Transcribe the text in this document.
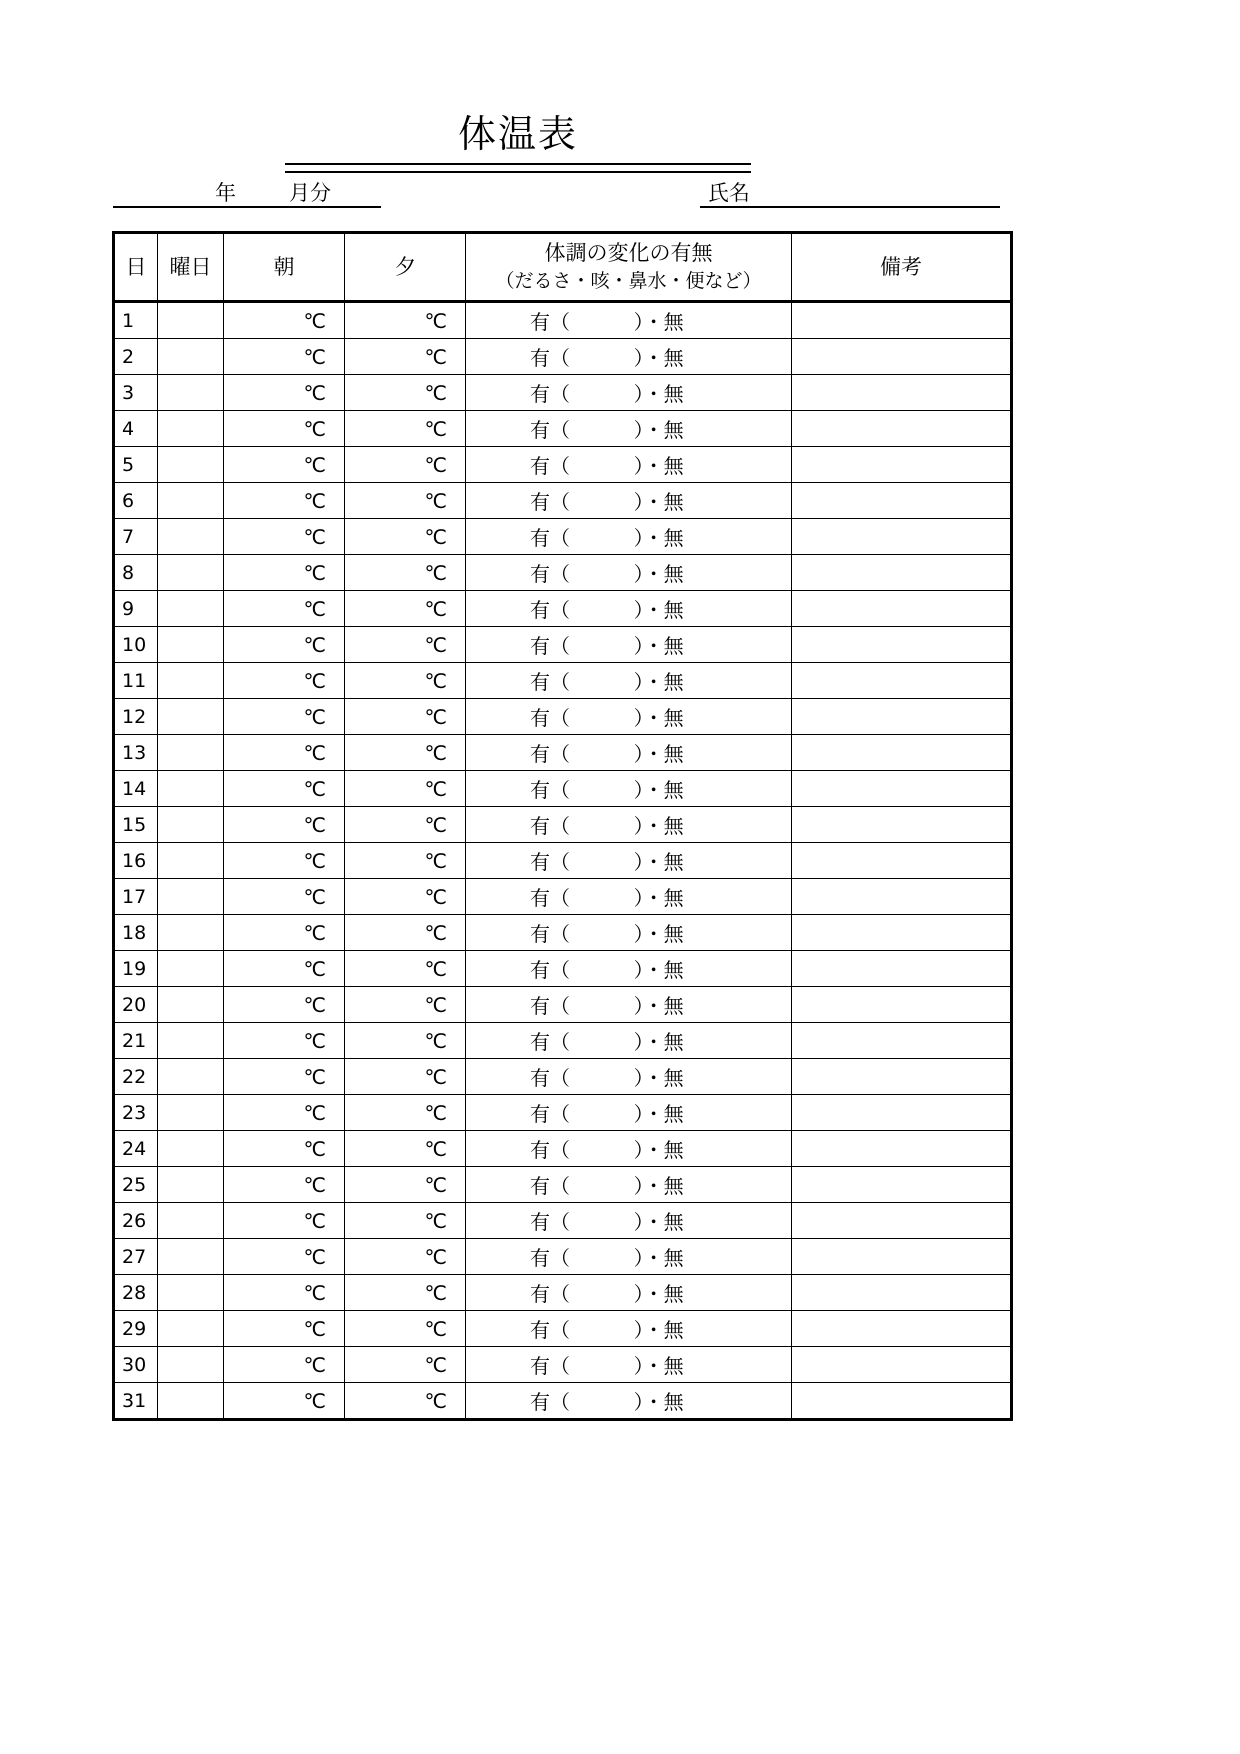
体温表
年	月分	氏名
日	曜日	朝	夕	体調の変化の有無
（だるさ・咳・鼻水・便など）	備考

1		℃	℃	有（          ）・無	

2		℃	℃	有（          ）・無	

3		℃	℃	有（          ）・無	

4		℃	℃	有（          ）・無	

5		℃	℃	有（          ）・無	

6		℃	℃	有（          ）・無	

7		℃	℃	有（          ）・無	

8		℃	℃	有（          ）・無	

9		℃	℃	有（          ）・無	

10		℃	℃	有（          ）・無	

11		℃	℃	有（          ）・無	

12		℃	℃	有（          ）・無	

13		℃	℃	有（          ）・無	

14		℃	℃	有（          ）・無	

15		℃	℃	有（          ）・無	

16		℃	℃	有（          ）・無	

17		℃	℃	有（          ）・無	

18		℃	℃	有（          ）・無	

19		℃	℃	有（          ）・無	

20		℃	℃	有（          ）・無	

21		℃	℃	有（          ）・無	

22		℃	℃	有（          ）・無	

23		℃	℃	有（          ）・無	

24		℃	℃	有（          ）・無	

25		℃	℃	有（          ）・無	

26		℃	℃	有（          ）・無	

27		℃	℃	有（          ）・無	

28		℃	℃	有（          ）・無	

29		℃	℃	有（          ）・無	

30		℃	℃	有（          ）・無	

31		℃	℃	有（          ）・無	
